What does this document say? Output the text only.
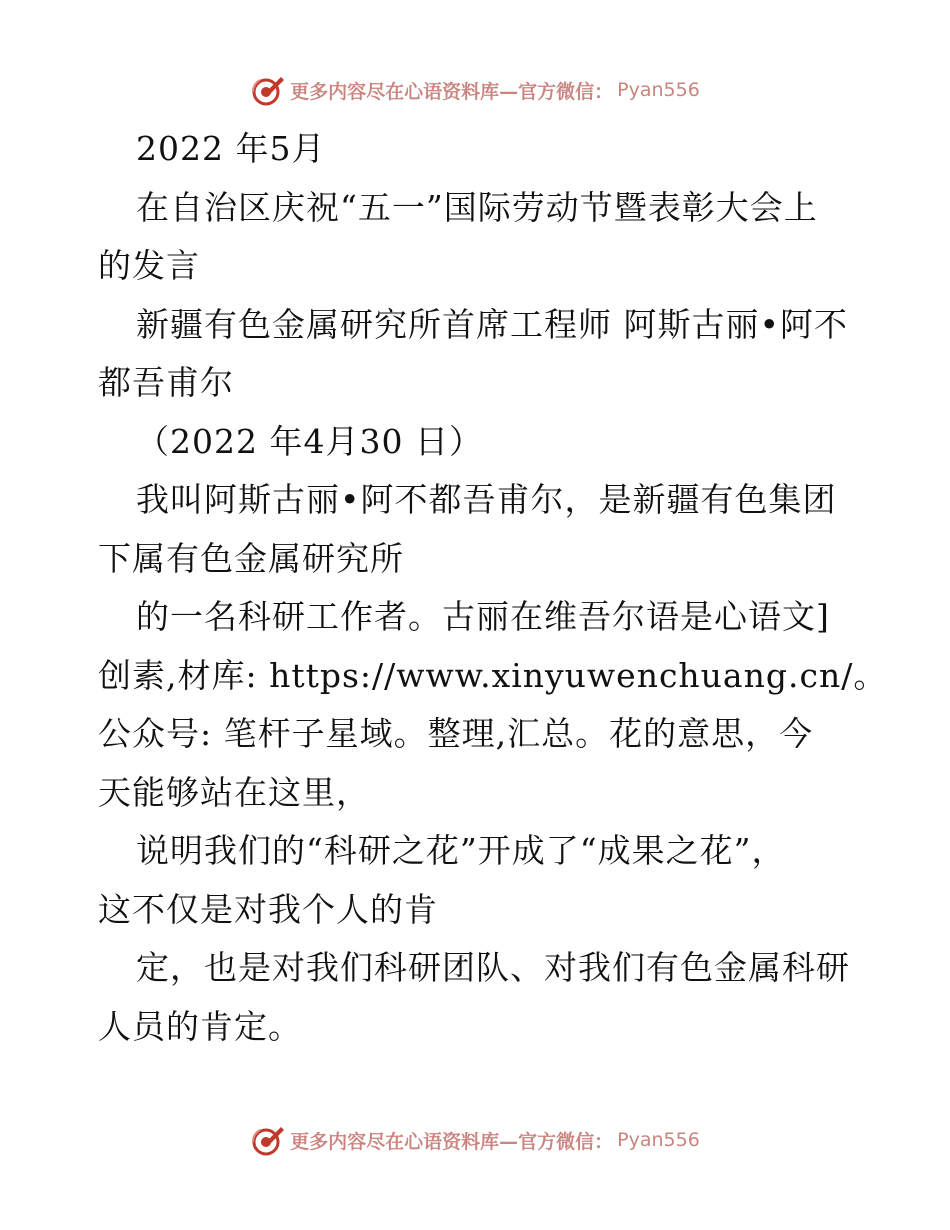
更多内容尽在心语资料库—官方微信： Pyan556
2022 年5月
在自治区庆祝“五一”国际劳动节暨表彰大会上
的发言
新疆有色金属研究所首席工程师 阿斯古丽•阿不
都吾甫尔
（2022 年4月30 日）
我叫阿斯古丽•阿不都吾甫尔，是新疆有色集团
下属有色金属研究所
的一名科研工作者。古丽在维吾尔语是心语文]
创素,材库: https://www.xinyuwenchuang.cn/。
公众号: 笔杆子星域。整理,汇总。花的意思，今
天能够站在这里，
说明我们的“科研之花”开成了“成果之花”，
这不仅是对我个人的肯
定，也是对我们科研团队、对我们有色金属科研
人员的肯定。
更多内容尽在心语资料库—官方微信： Pyan556
